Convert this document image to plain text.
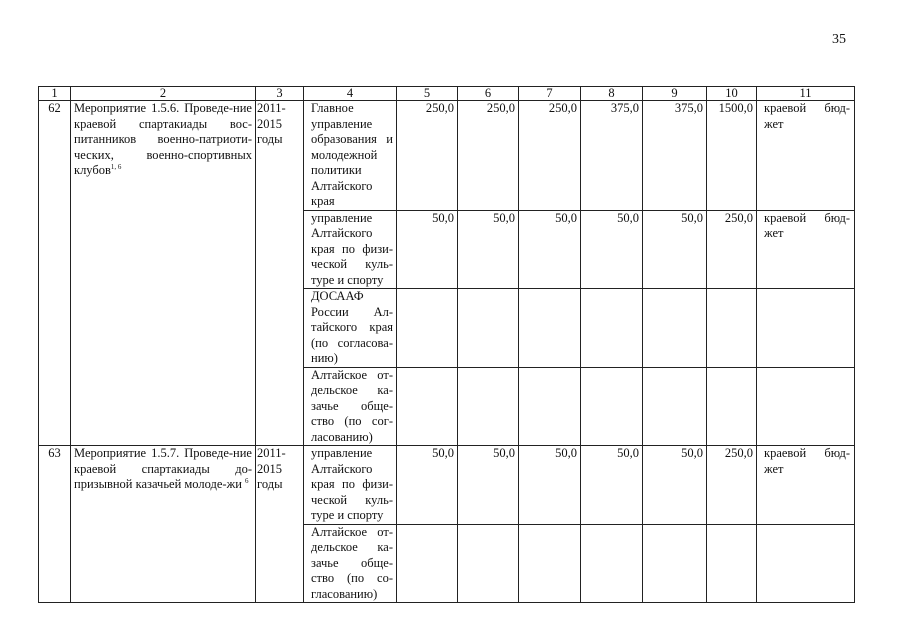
35
1	2	3	4	5	6	7	8	9	10	11
62	Мероприятие 1.5.6. Проведе-ние краевой спартакиады вос-питанников военно-патриоти-ческих, военно-спортивных клубов$^{1, 6}$	2011-2015 годы	Главное управление образования и молодежной политики Алтайского края	250,0	250,0	250,0	375,0	375,0	1500,0	краевой бюд-жет
			управление Алтайского края по физи-ческой куль-туре и спорту	50,0	50,0	50,0	50,0	50,0	250,0	краевой бюд-жет
			ДОСААФ России Ал-тайского края (по согласова-нию)							
			Алтайское от-дельское ка-зачье обще-ство (по сог-ласованию)							
63	Мероприятие 1.5.7. Проведе-ние краевой спартакиады до-призывной казачьей молоде-жи $^6$	2011-2015 годы	управление Алтайского края по физи-ческой куль-туре и спорту	50,0	50,0	50,0	50,0	50,0	250,0	краевой бюд-жет
			Алтайское от-дельское ка-зачье обще-ство (по со-гласованию)							
